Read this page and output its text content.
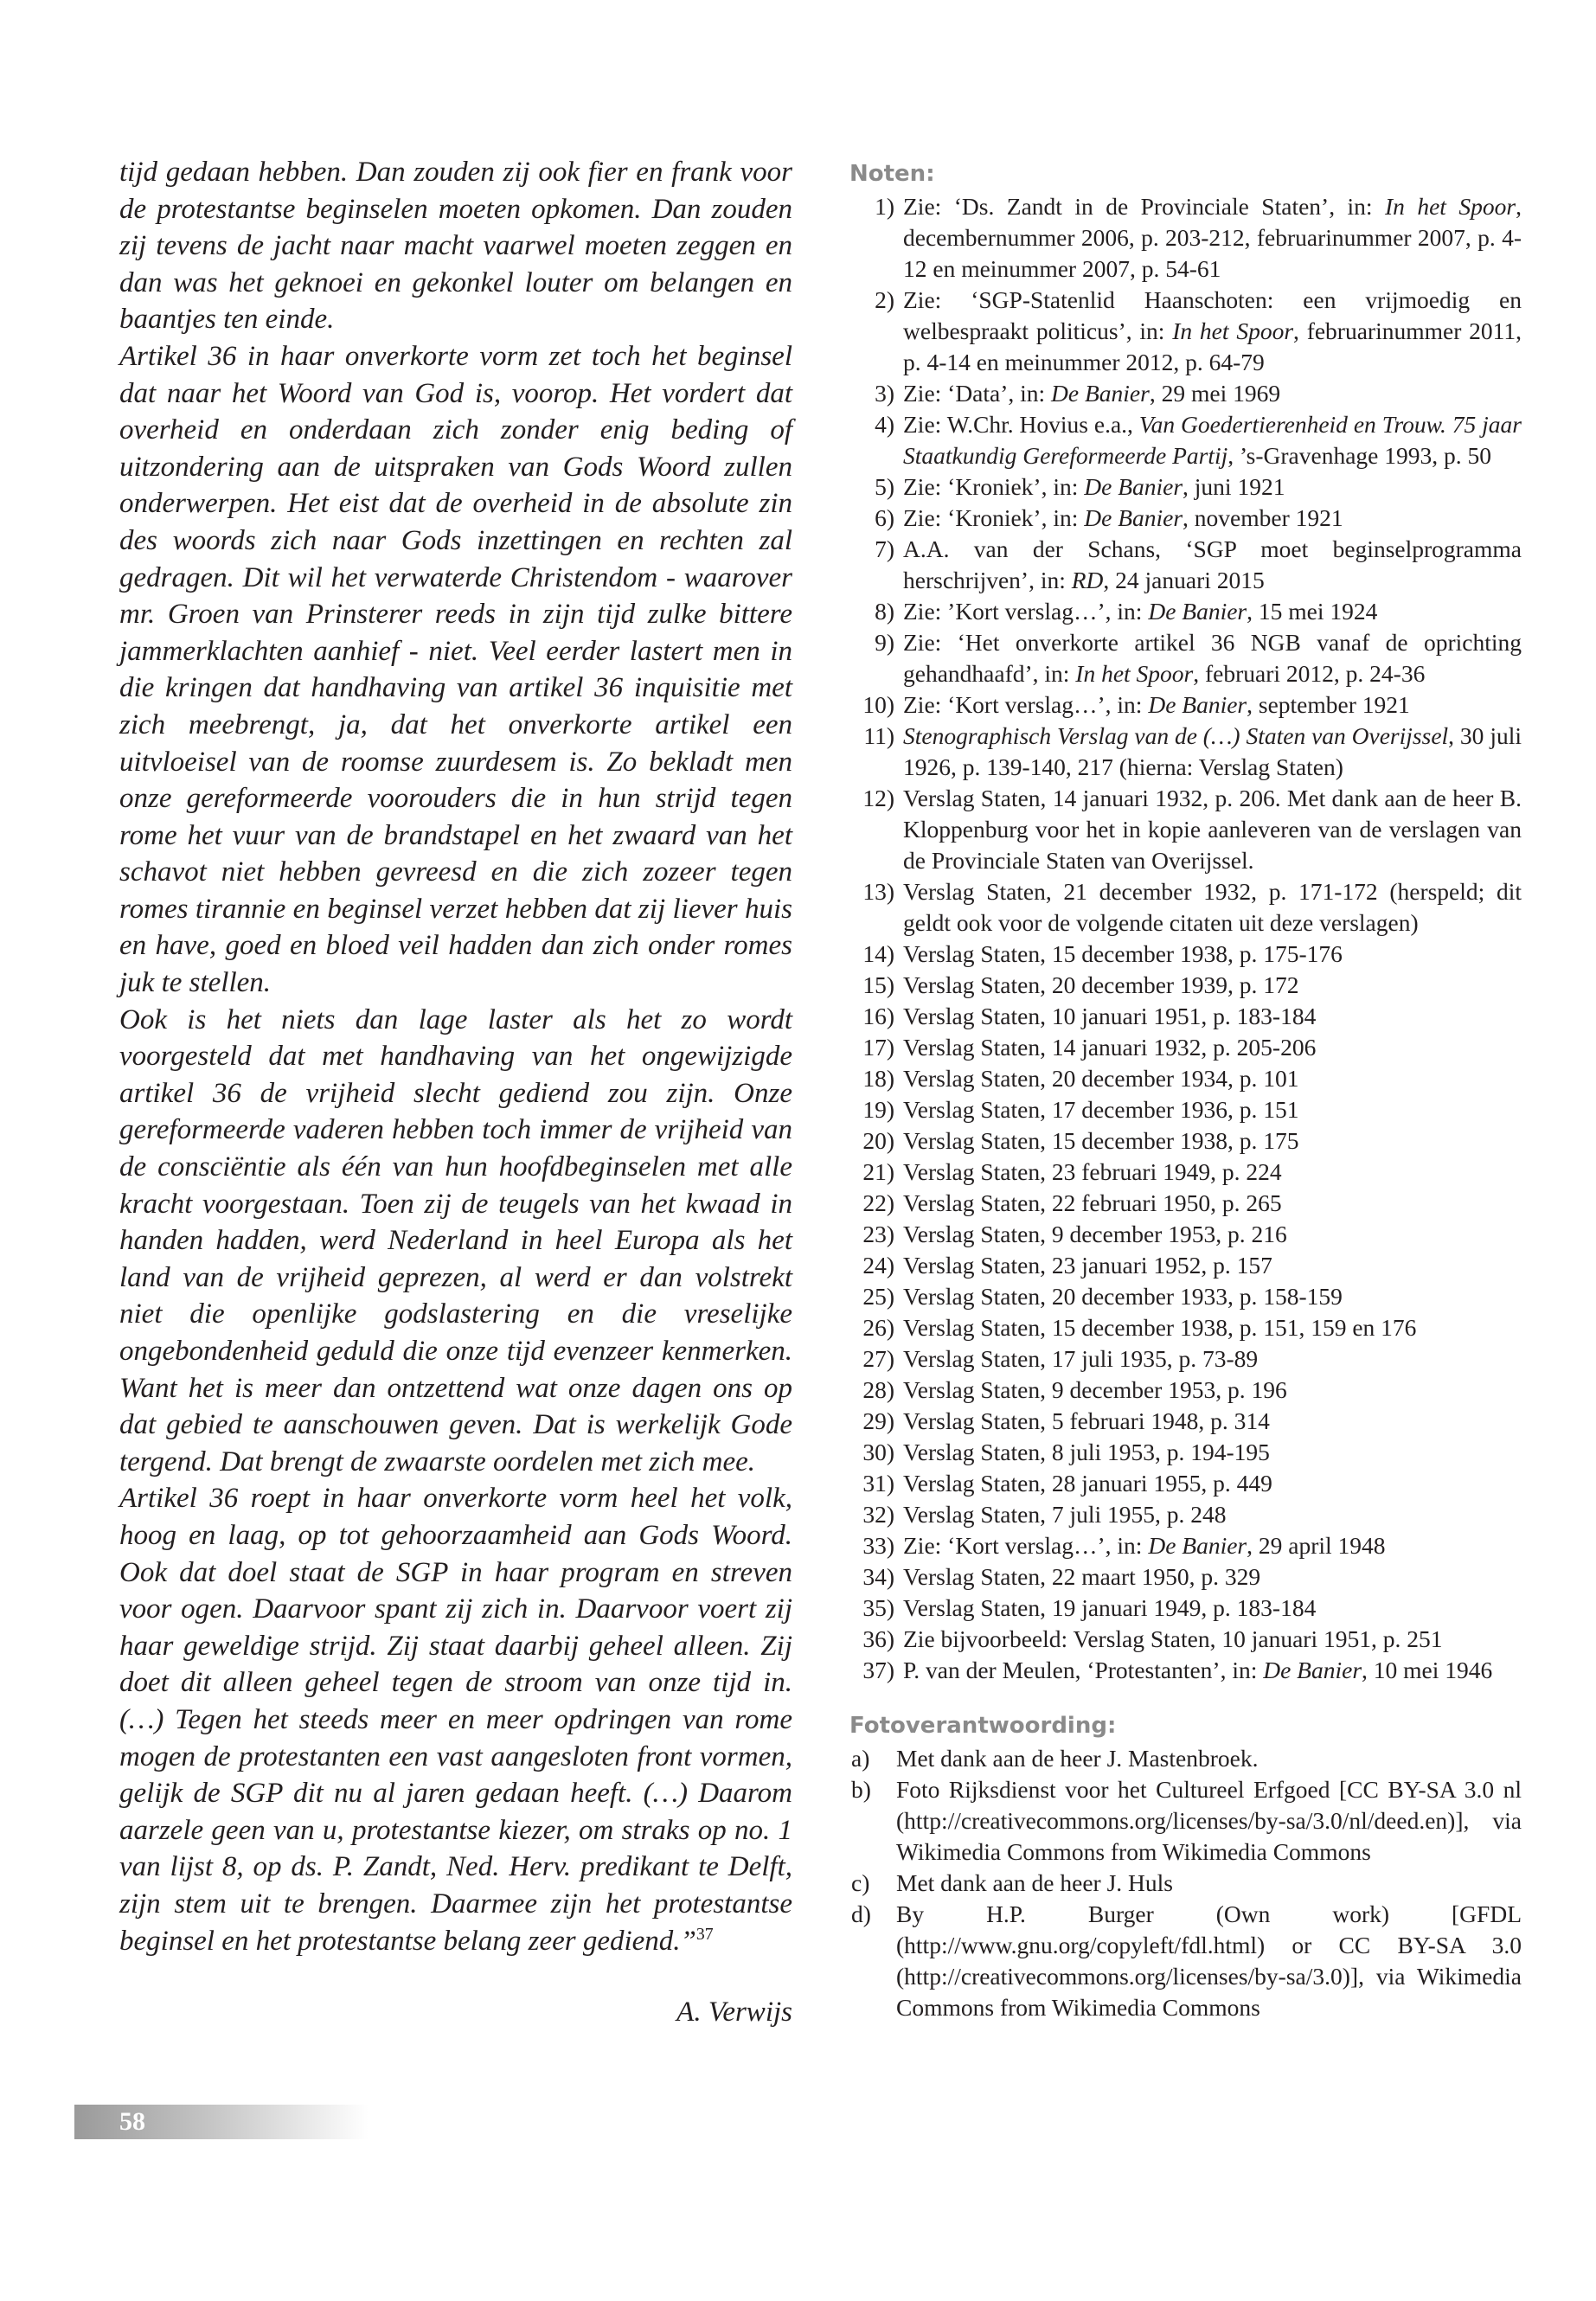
tijd gedaan hebben. Dan zouden zij ook fier en frank voor de protestantse beginselen moeten opkomen. Dan zouden zij tevens de jacht naar macht vaarwel moeten zeggen en dan was het geknoei en gekonkel louter om belangen en baantjes ten einde.

Artikel 36 in haar onverkorte vorm zet toch het beginsel dat naar het Woord van God is, voorop. Het vordert dat overheid en onderdaan zich zonder enig beding of uitzondering aan de uitspraken van Gods Woord zullen onderwerpen. Het eist dat de overheid in de absolute zin des woords zich naar Gods inzettingen en rechten zal gedragen. Dit wil het verwaterde Christendom - waarover mr. Groen van Prinsterer reeds in zijn tijd zulke bittere jammerklachten aanhief - niet. Veel eerder lastert men in die kringen dat handhaving van artikel 36 inquisitie met zich meebrengt, ja, dat het onverkorte artikel een uitvloeisel van de roomse zuurdesem is. Zo bekladt men onze gereformeerde voorouders die in hun strijd tegen rome het vuur van de brandstapel en het zwaard van het schavot niet hebben gevreesd en die zich zozeer tegen romes tirannie en beginsel verzet hebben dat zij liever huis en have, goed en bloed veil hadden dan zich onder romes juk te stellen.

Ook is het niets dan lage laster als het zo wordt voorgesteld dat met handhaving van het ongewijzigde artikel 36 de vrijheid slecht gediend zou zijn. Onze gereformeerde vaderen hebben toch immer de vrijheid van de consciëntie als één van hun hoofdbeginselen met alle kracht voorgestaan. Toen zij de teugels van het kwaad in handen hadden, werd Nederland in heel Europa als het land van de vrijheid geprezen, al werd er dan volstrekt niet die openlijke godslastering en die vreselijke ongebondenheid geduld die onze tijd evenzeer kenmerken. Want het is meer dan ontzettend wat onze dagen ons op dat gebied te aanschouwen geven. Dat is werkelijk Gode tergend. Dat brengt de zwaarste oordelen met zich mee.

Artikel 36 roept in haar onverkorte vorm heel het volk, hoog en laag, op tot gehoorzaamheid aan Gods Woord. Ook dat doel staat de SGP in haar program en streven voor ogen. Daarvoor spant zij zich in. Daarvoor voert zij haar geweldige strijd. Zij staat daarbij geheel alleen. Zij doet dit alleen geheel tegen de stroom van onze tijd in. (…) Tegen het steeds meer en meer opdringen van rome mogen de protestanten een vast aangesloten front vormen, gelijk de SGP dit nu al jaren gedaan heeft. (…) Daarom aarzele geen van u, protestantse kiezer, om straks op no. 1 van lijst 8, op ds. P. Zandt, Ned. Herv. predikant te Delft, zijn stem uit te brengen. Daarmee zijn het protestantse beginsel en het protestantse belang zeer gediend.”$^{37}$

A. Verwijs

Noten:
1) Zie: ‘Ds. Zandt in de Provinciale Staten’, in: In het Spoor, decembernummer 2006, p. 203-212, februarinummer 2007, p. 4-12 en meinummer 2007, p. 54-61
2) Zie: ‘SGP-Statenlid Haanschoten: een vrijmoedig en welbespraakt politicus’, in: In het Spoor, februarinummer 2011, p. 4-14 en meinummer 2012, p. 64-79
3) Zie: ‘Data’, in: De Banier, 29 mei 1969
4) Zie: W.Chr. Hovius e.a., Van Goedertierenheid en Trouw. 75 jaar Staatkundig Gereformeerde Partij, ’s-Gravenhage 1993, p. 50
5) Zie: ‘Kroniek’, in: De Banier, juni 1921
6) Zie: ‘Kroniek’, in: De Banier, november 1921
7) A.A. van der Schans, ‘SGP moet beginselprogramma herschrijven’, in: RD, 24 januari 2015
8) Zie: ’Kort verslag…’, in: De Banier, 15 mei 1924
9) Zie: ‘Het onverkorte artikel 36 NGB vanaf de oprichting gehandhaafd’, in: In het Spoor, februari 2012, p. 24-36
10) Zie: ‘Kort verslag…’, in: De Banier, september 1921
11) Stenographisch Verslag van de (…) Staten van Overijssel, 30 juli 1926, p. 139-140, 217 (hierna: Verslag Staten)
12) Verslag Staten, 14 januari 1932, p. 206. Met dank aan de heer B. Kloppenburg voor het in kopie aanleveren van de verslagen van de Provinciale Staten van Overijssel.
13) Verslag Staten, 21 december 1932, p. 171-172 (herspeld; dit geldt ook voor de volgende citaten uit deze verslagen)
14) Verslag Staten, 15 december 1938, p. 175-176
15) Verslag Staten, 20 december 1939, p. 172
16) Verslag Staten, 10 januari 1951, p. 183-184
17) Verslag Staten, 14 januari 1932, p. 205-206
18) Verslag Staten, 20 december 1934, p. 101
19) Verslag Staten, 17 december 1936, p. 151
20) Verslag Staten, 15 december 1938, p. 175
21) Verslag Staten, 23 februari 1949, p. 224
22) Verslag Staten, 22 februari 1950, p. 265
23) Verslag Staten, 9 december 1953, p. 216
24) Verslag Staten, 23 januari 1952, p. 157
25) Verslag Staten, 20 december 1933, p. 158-159
26) Verslag Staten, 15 december 1938, p. 151, 159 en 176
27) Verslag Staten, 17 juli 1935, p. 73-89
28) Verslag Staten, 9 december 1953, p. 196
29) Verslag Staten, 5 februari 1948, p. 314
30) Verslag Staten, 8 juli 1953, p. 194-195
31) Verslag Staten, 28 januari 1955, p. 449
32) Verslag Staten, 7 juli 1955, p. 248
33) Zie: ‘Kort verslag…’, in: De Banier, 29 april 1948
34) Verslag Staten, 22 maart 1950, p. 329
35) Verslag Staten, 19 januari 1949, p. 183-184
36) Zie bijvoorbeeld: Verslag Staten, 10 januari 1951, p. 251
37) P. van der Meulen, ‘Protestanten’, in: De Banier, 10 mei 1946
Fotoverantwoording:
a)	Met dank aan de heer J. Mastenbroek.
b)	Foto Rijksdienst voor het Cultureel Erfgoed [CC BY-SA 3.0 nl (http://creativecommons.org/licenses/by-sa/3.0/nl/deed.en)], via Wikimedia Commons from Wikimedia Commons
c)	Met dank aan de heer J. Huls
d)	By H.P. Burger (Own work) [GFDL (http://www.gnu.org/copyleft/fdl.html) or CC BY-SA 3.0 (http://creativecommons.org/licenses/by-sa/3.0)], via Wikimedia Commons from Wikimedia Commons
58
